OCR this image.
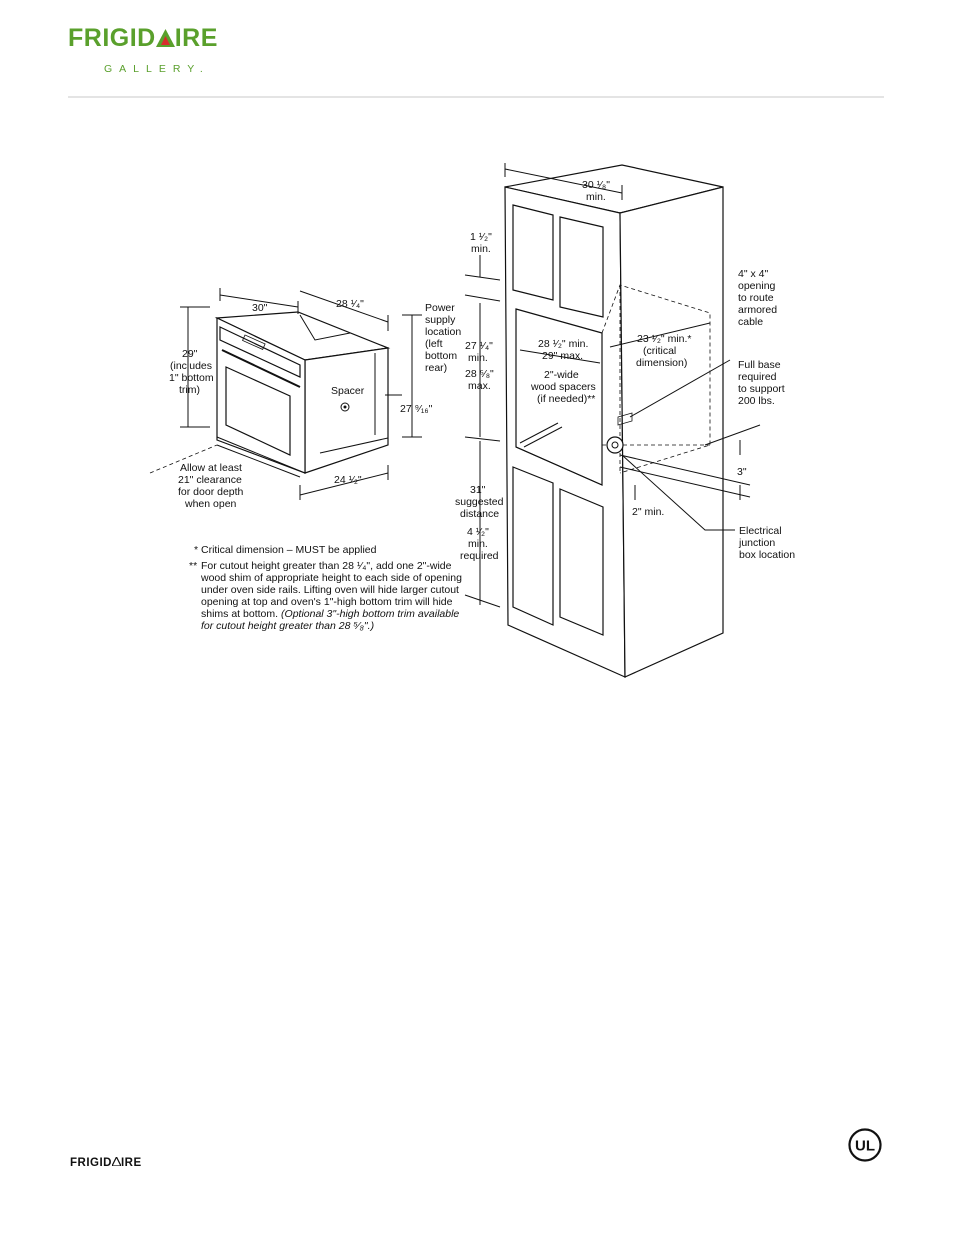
FRIGID IRE
GALLERY.
30"	28 ¹⁄₄"
29"
(includes
1" bottom
trim)
Power
supply
location
(left
bottom
rear)
Spacer
27 ⁹⁄₁₆"
24 ¹⁄₂"
Allow at least
21" clearance
for door depth
when open
* Critical dimension – MUST be applied
** For cutout height greater than 28 ¹⁄₄", add one 2"-wide
wood shim of appropriate height to each side of opening
under oven side rails. Lifting oven will hide larger cutout
opening at top and oven's 1"-high bottom trim will hide
shims at bottom. (Optional 3"-high bottom trim available
for cutout height greater than 28 ⁵⁄₈".)
30 ¹⁄₈"
min.
1 ¹⁄₂"
min.
27 ¹⁄₄"
min.
28 ⁵⁄₈"
max.
28 ¹⁄₂" min.
29" max.
2"-wide
wood spacers
(if needed)**
23 ¹⁄₂" min.*
(critical
dimension)
4" x 4"
opening
to route
armored
cable
Full base
required
to support
200 lbs.
3"
31"
suggested
distance
4 ¹⁄₂"
min.
required
2" min.
Electrical
junction
box location
FRIGID IRE
UL
